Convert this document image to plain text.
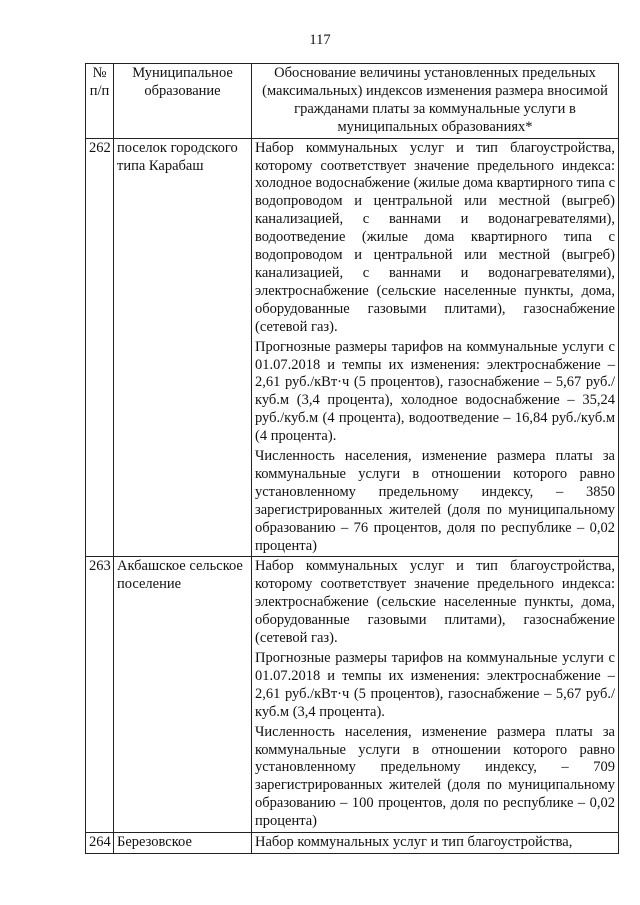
117
№ п/п	Муниципальное образование	Обоснование величины установленных предельных (максимальных) индексов изменения размера вносимой гражданами платы за коммунальные услуги в муниципальных образованиях*
262	поселок городского типа Карабаш	Набор коммунальных услуг и тип благоустройства, которому соответствует значение предельного индекса: холодное водоснабжение (жилые дома квартирного типа с водопроводом и центральной или местной (выгреб) канализацией, с ваннами и водонагревателями), водоотведение (жилые дома квартирного типа с водопроводом и центральной или местной (выгреб) канализацией, с ваннами и водонагревателями), электроснабжение (сельские населенные пункты, дома, оборудованные газовыми плитами), газоснабжение (сетевой газ).

Прогнозные размеры тарифов на коммунальные услуги с 01.07.2018 и темпы их изменения: электроснабжение – 2,61 руб./кВт·ч (5 процентов), газоснабжение – 5,67 руб./куб.м (3,4 процента), холодное водоснабжение – 35,24 руб./куб.м (4 процента), водоотведение – 16,84 руб./куб.м (4 процента).

Численность населения, изменение размера платы за коммунальные услуги в отношении которого равно установленному предельному индексу, – 3850 зарегистрированных жителей (доля по муниципальному образованию – 76 процентов, доля по республике – 0,02 процента)

263	Акбашское сельское поселение	Набор коммунальных услуг и тип благоустройства, которому соответствует значение предельного индекса: электроснабжение (сельские населенные пункты, дома, оборудованные газовыми плитами), газоснабжение (сетевой газ).

Прогнозные размеры тарифов на коммунальные услуги с 01.07.2018 и темпы их изменения: электроснабжение – 2,61 руб./кВт·ч (5 процентов), газоснабжение – 5,67 руб./куб.м (3,4 процента).

Численность населения, изменение размера платы за коммунальные услуги в отношении которого равно установленному предельному индексу, – 709 зарегистрированных жителей (доля по муниципальному образованию – 100 процентов, доля по республике – 0,02 процента)

264	Березовское	Набор коммунальных услуг и тип благоустройства,
